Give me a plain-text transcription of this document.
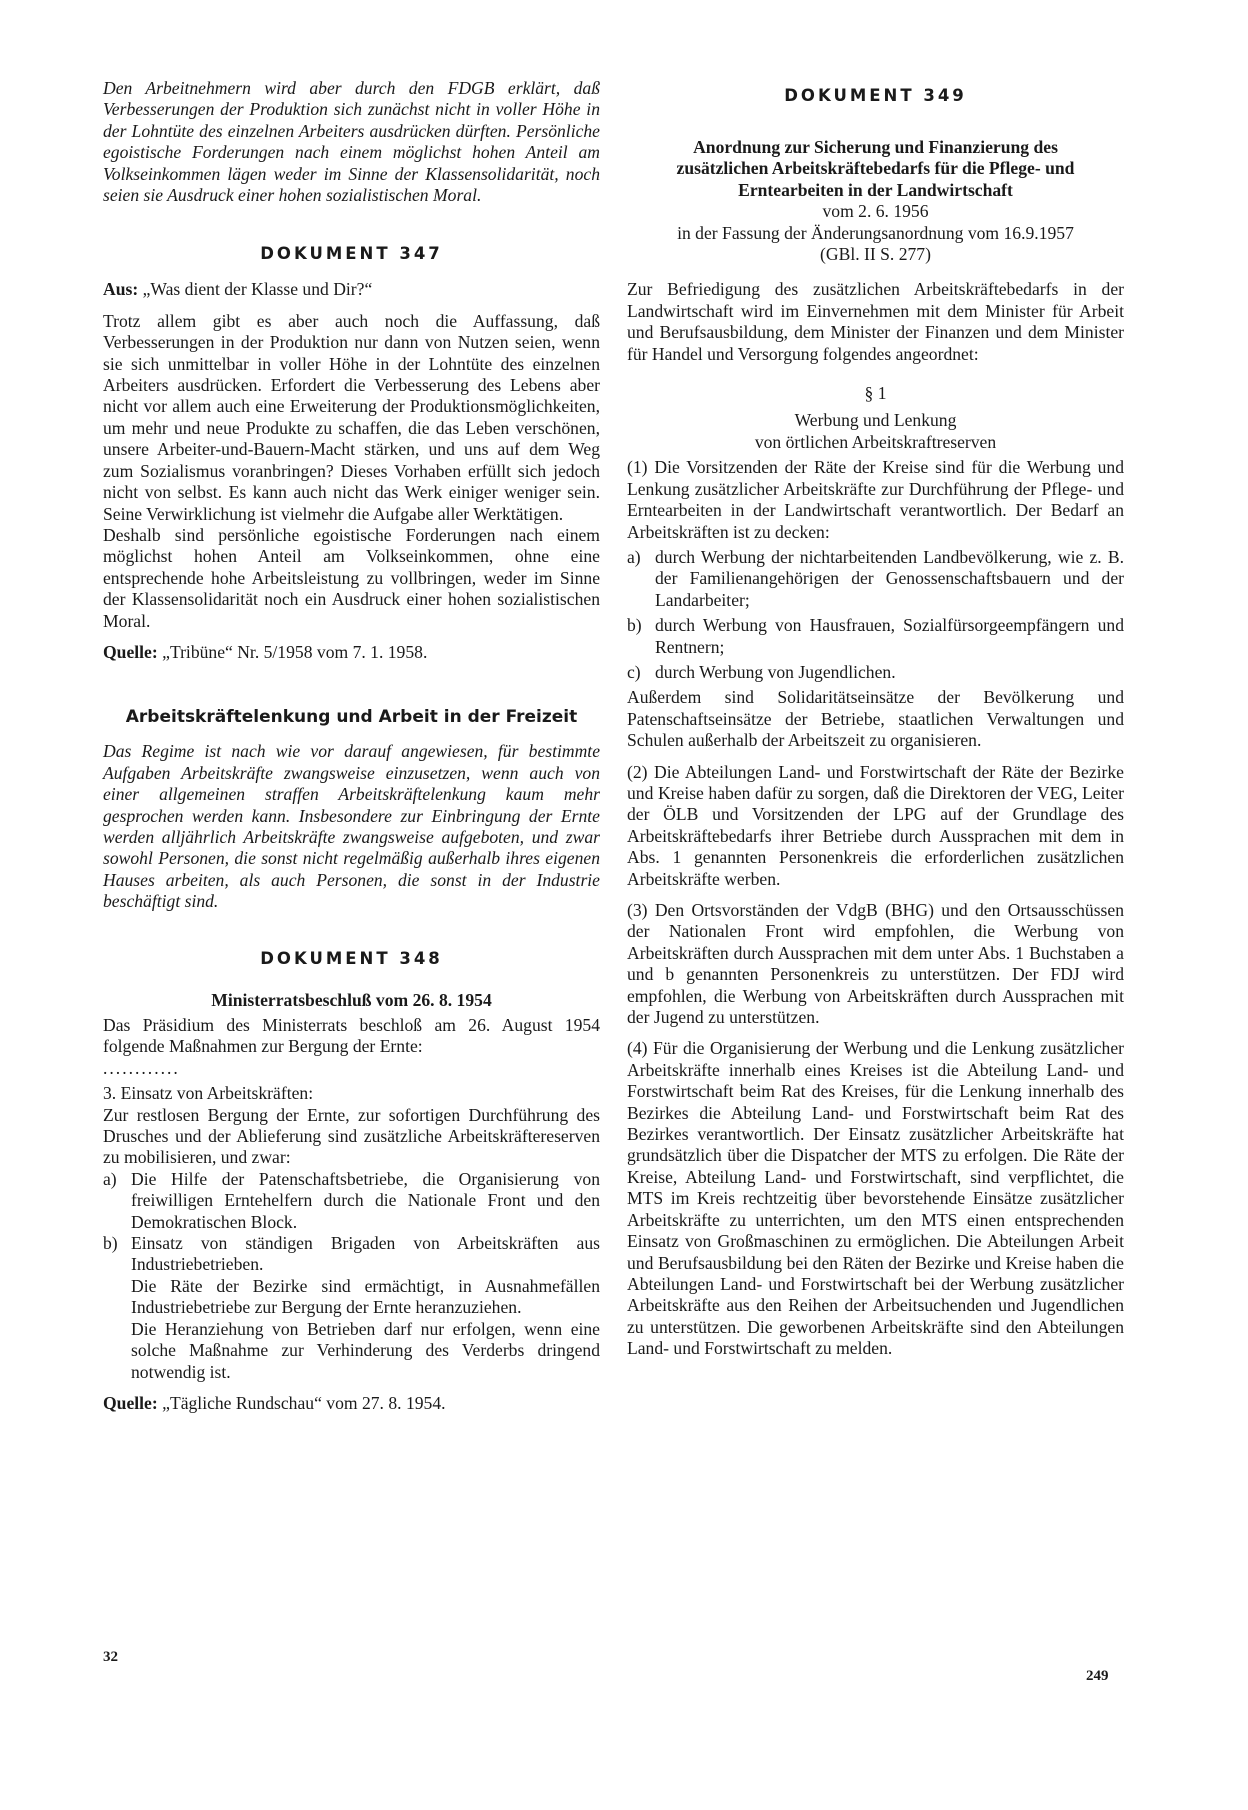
Den Arbeitnehmern wird aber durch den FDGB erklärt, daß Verbesserungen der Produktion sich zunächst nicht in voller Höhe in der Lohntüte des einzelnen Arbeiters ausdrücken dürften. Persönliche egoistische Forderungen nach einem möglichst hohen Anteil am Volkseinkommen lägen weder im Sinne der Klassensolidarität, noch seien sie Ausdruck einer hohen sozialistischen Moral.

DOKUMENT 347

Aus: „Was dient der Klasse und Dir?“

Trotz allem gibt es aber auch noch die Auffassung, daß Verbesserungen in der Produktion nur dann von Nutzen seien, wenn sie sich unmittelbar in voller Höhe in der Lohntüte des einzelnen Arbeiters ausdrücken. Erfordert die Verbesserung des Lebens aber nicht vor allem auch eine Erweiterung der Produktionsmöglichkeiten, um mehr und neue Produkte zu schaffen, die das Leben verschönen, unsere Arbeiter-und-Bauern-Macht stärken, und uns auf dem Weg zum Sozialismus voranbringen? Dieses Vorhaben erfüllt sich jedoch nicht von selbst. Es kann auch nicht das Werk einiger weniger sein. Seine Verwirklichung ist vielmehr die Aufgabe aller Werktätigen.

Deshalb sind persönliche egoistische Forderungen nach einem möglichst hohen Anteil am Volkseinkommen, ohne eine entsprechende hohe Arbeitsleistung zu vollbringen, weder im Sinne der Klassensolidarität noch ein Ausdruck einer hohen sozialistischen Moral.

Quelle: „Tribüne“ Nr. 5/1958 vom 7. 1. 1958.

Arbeitskräftelenkung und Arbeit in der Freizeit

Das Regime ist nach wie vor darauf angewiesen, für bestimmte Aufgaben Arbeitskräfte zwangsweise einzusetzen, wenn auch von einer allgemeinen straffen Arbeitskräftelenkung kaum mehr gesprochen werden kann. Insbesondere zur Einbringung der Ernte werden alljährlich Arbeitskräfte zwangsweise aufgeboten, und zwar sowohl Personen, die sonst nicht regelmäßig außerhalb ihres eigenen Hauses arbeiten, als auch Personen, die sonst in der Industrie beschäftigt sind.

DOKUMENT 348

Ministerratsbeschluß vom 26. 8. 1954

Das Präsidium des Ministerrats beschloß am 26. August 1954 folgende Maßnahmen zur Bergung der Ernte:

............

3. Einsatz von Arbeitskräften:

Zur restlosen Bergung der Ernte, zur sofortigen Durchführung des Drusches und der Ablieferung sind zusätzliche Arbeitskräftereserven zu mobilisieren, und zwar:

a) Die Hilfe der Patenschaftsbetriebe, die Organisierung von freiwilligen Erntehelfern durch die Nationale Front und den Demokratischen Block.

b) Einsatz von ständigen Brigaden von Arbeitskräften aus Industriebetrieben.

Die Räte der Bezirke sind ermächtigt, in Ausnahmefällen Industriebetriebe zur Bergung der Ernte heranzuziehen.

Die Heranziehung von Betrieben darf nur erfolgen, wenn eine solche Maßnahme zur Verhinderung des Verderbs dringend notwendig ist.

Quelle: „Tägliche Rundschau“ vom 27. 8. 1954.

32
DOKUMENT 349

Anordnung zur Sicherung und Finanzierung des zusätzlichen Arbeitskräftebedarfs für die Pflege- und Erntearbeiten in der Landwirtschaft

vom 2. 6. 1956

in der Fassung der Änderungsanordnung vom 16.9.1957

(GBl. II S. 277)

Zur Befriedigung des zusätzlichen Arbeitskräftebedarfs in der Landwirtschaft wird im Einvernehmen mit dem Minister für Arbeit und Berufsausbildung, dem Minister der Finanzen und dem Minister für Handel und Versorgung folgendes angeordnet:

§ 1

Werbung und Lenkung

von örtlichen Arbeitskraftreserven

(1) Die Vorsitzenden der Räte der Kreise sind für die Werbung und Lenkung zusätzlicher Arbeitskräfte zur Durchführung der Pflege- und Erntearbeiten in der Landwirtschaft verantwortlich. Der Bedarf an Arbeitskräften ist zu decken:

a) durch Werbung der nichtarbeitenden Landbevölkerung, wie z. B. der Familienangehörigen der Genossenschaftsbauern und der Landarbeiter;

b) durch Werbung von Hausfrauen, Sozialfürsorgeempfängern und Rentnern;

c) durch Werbung von Jugendlichen.

Außerdem sind Solidaritätseinsätze der Bevölkerung und Patenschaftseinsätze der Betriebe, staatlichen Verwaltungen und Schulen außerhalb der Arbeitszeit zu organisieren.

(2) Die Abteilungen Land- und Forstwirtschaft der Räte der Bezirke und Kreise haben dafür zu sorgen, daß die Direktoren der VEG, Leiter der ÖLB und Vorsitzenden der LPG auf der Grundlage des Arbeitskräftebedarfs ihrer Betriebe durch Aussprachen mit dem in Abs. 1 genannten Personenkreis die erforderlichen zusätzlichen Arbeitskräfte werben.

(3) Den Ortsvorständen der VdgB (BHG) und den Ortsausschüssen der Nationalen Front wird empfohlen, die Werbung von Arbeitskräften durch Aussprachen mit dem unter Abs. 1 Buchstaben a und b genannten Personenkreis zu unterstützen. Der FDJ wird empfohlen, die Werbung von Arbeitskräften durch Aussprachen mit der Jugend zu unterstützen.

(4) Für die Organisierung der Werbung und die Lenkung zusätzlicher Arbeitskräfte innerhalb eines Kreises ist die Abteilung Land- und Forstwirtschaft beim Rat des Kreises, für die Lenkung innerhalb des Bezirkes die Abteilung Land- und Forstwirtschaft beim Rat des Bezirkes verantwortlich. Der Einsatz zusätzlicher Arbeitskräfte hat grundsätzlich über die Dispatcher der MTS zu erfolgen. Die Räte der Kreise, Abteilung Land- und Forstwirtschaft, sind verpflichtet, die MTS im Kreis rechtzeitig über bevorstehende Einsätze zusätzlicher Arbeitskräfte zu unterrichten, um den MTS einen entsprechenden Einsatz von Großmaschinen zu ermöglichen. Die Abteilungen Arbeit und Berufsausbildung bei den Räten der Bezirke und Kreise haben die Abteilungen Land- und Forstwirtschaft bei der Werbung zusätzlicher Arbeitskräfte aus den Reihen der Arbeitsuchenden und Jugendlichen zu unterstützen. Die geworbenen Arbeitskräfte sind den Abteilungen Land- und Forstwirtschaft zu melden.

249
